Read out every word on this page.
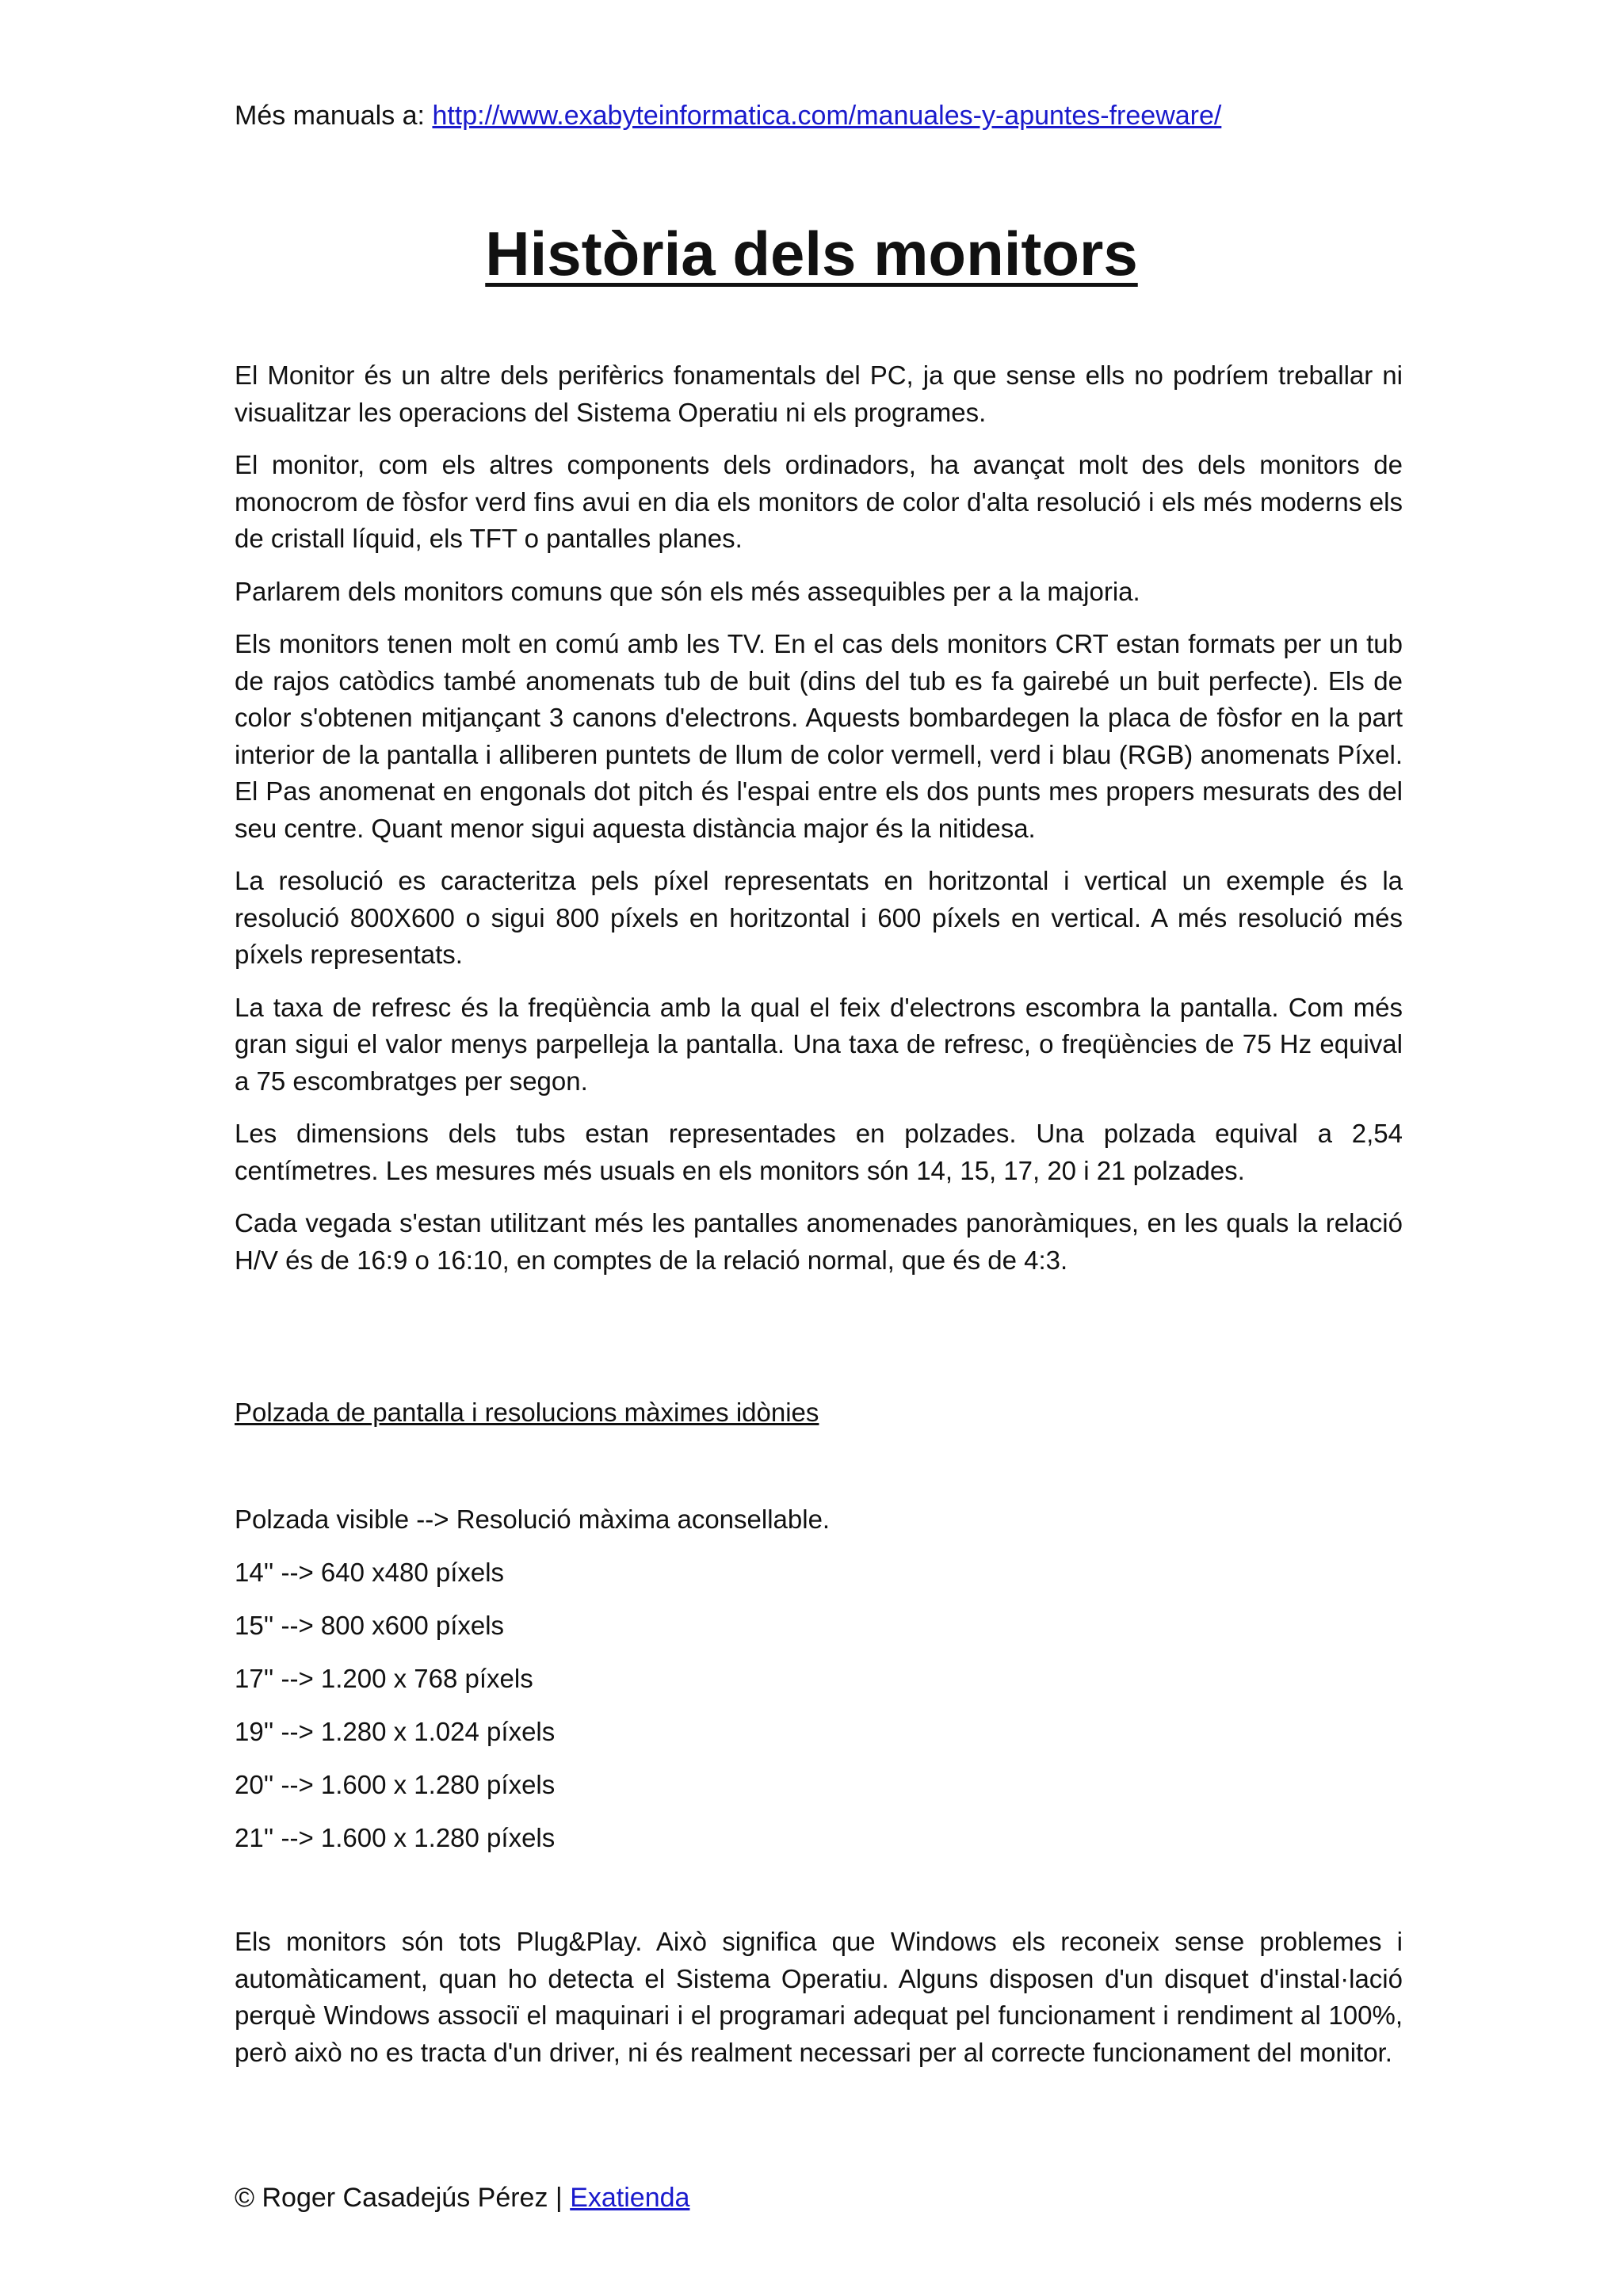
Més manuals a: http://www.exabyteinformatica.com/manuales-y-apuntes-freeware/
Història dels monitors

El Monitor és un altre dels perifèrics fonamentals del PC, ja que sense ells no podríem treballar ni visualitzar les operacions del Sistema Operatiu ni els programes.

El monitor, com els altres components dels ordinadors, ha avançat molt des dels monitors de monocrom de fòsfor verd fins avui en dia els monitors de color d'alta resolució i els més moderns els de cristall líquid, els TFT o pantalles planes.

Parlarem dels monitors comuns que són els més assequibles per a la majoria.

Els monitors tenen molt en comú amb les TV. En el cas dels monitors CRT estan formats per un tub de rajos catòdics també anomenats tub de buit (dins del tub es fa gairebé un buit perfecte). Els de color s'obtenen mitjançant 3 canons d'electrons. Aquests bombardegen la placa de fòsfor en la part interior de la pantalla i alliberen puntets de llum de color vermell, verd i blau (RGB) anomenats Píxel. El Pas anomenat en engonals dot pitch és l'espai entre els dos punts mes propers mesurats des del seu centre. Quant menor sigui aquesta distància major és la nitidesa.

La resolució es caracteritza pels píxel representats en horitzontal i vertical un exemple és la resolució 800X600 o sigui 800 píxels en horitzontal i 600 píxels en vertical. A més resolució més píxels representats.

La taxa de refresc és la freqüència amb la qual el feix d'electrons escombra la pantalla. Com més gran sigui el valor menys parpelleja la pantalla. Una taxa de refresc, o freqüències de 75 Hz equival a 75 escombratges per segon.

Les dimensions dels tubs estan representades en polzades. Una polzada equival a 2,54 centímetres. Les mesures més usuals en els monitors són 14, 15, 17, 20 i 21 polzades.

Cada vegada s'estan utilitzant més les pantalles anomenades panoràmiques, en les quals la relació H/V és de 16:9 o 16:10, en comptes de la relació normal, que és de 4:3.

Polzada de pantalla i resolucions màximes idònies
Polzada visible --> Resolució màxima aconsellable.
14'' --> 640 x480 píxels
15'' --> 800 x600 píxels
17'' --> 1.200 x 768 píxels
19'' --> 1.280 x 1.024 píxels
20'' --> 1.600 x 1.280 píxels
21'' --> 1.600 x 1.280 píxels

Els monitors són tots Plug&Play. Això significa que Windows els reconeix sense problemes i automàticament, quan ho detecta el Sistema Operatiu. Alguns disposen d'un disquet d'instal·lació perquè Windows associï el maquinari i el programari adequat pel funcionament i rendiment al 100%, però això no es tracta d'un driver, ni és realment necessari per al correcte funcionament del monitor.

© Roger Casadejús Pérez | Exatienda
